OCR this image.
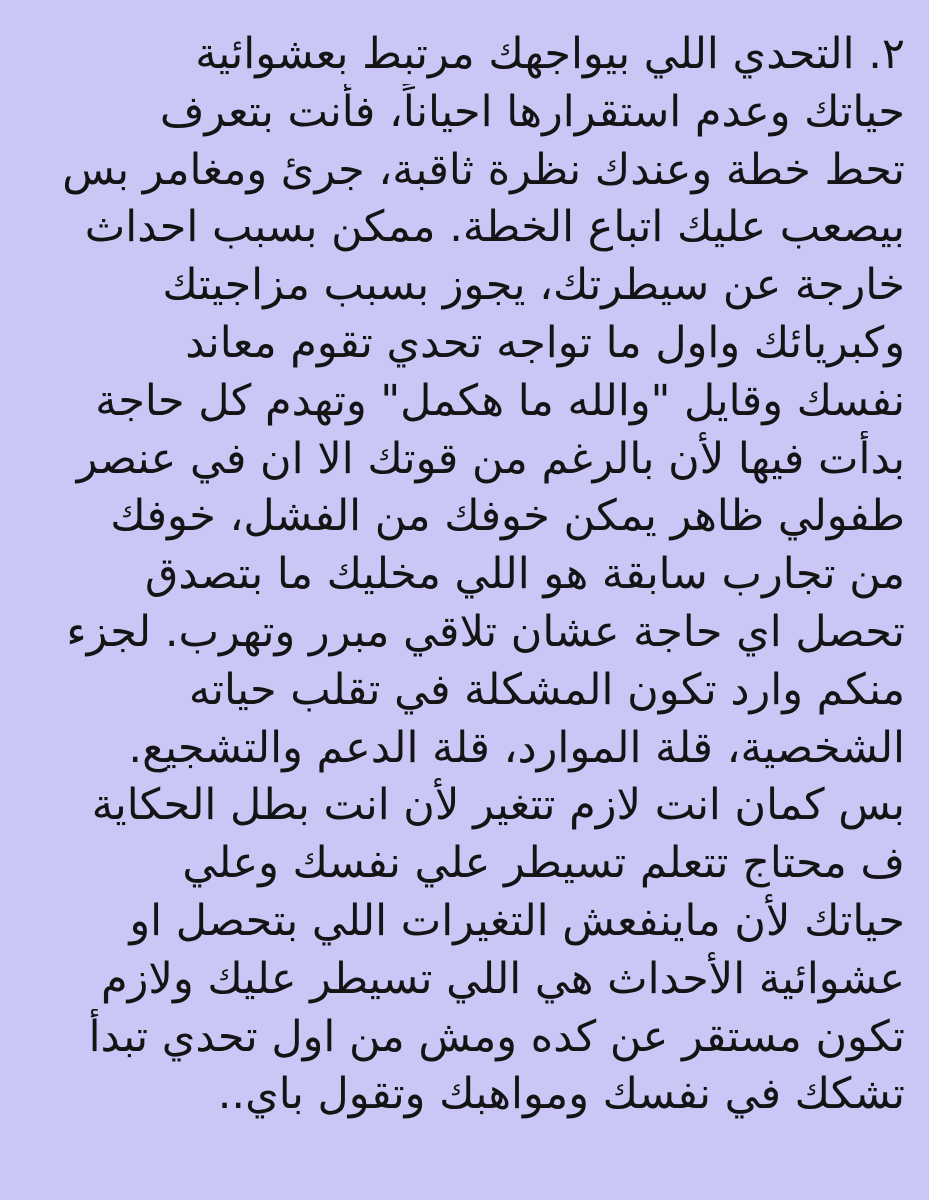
٢. التحدي اللي بيواجهك مرتبط بعشوائية
حياتك وعدم استقرارها احياناً، فأنت بتعرف
تحط خطة وعندك نظرة ثاقبة، جرئ ومغامر بس
بيصعب عليك اتباع الخطة. ممكن بسبب احداث
خارجة عن سيطرتك، يجوز بسبب مزاجيتك
وكبريائك واول ما تواجه تحدي تقوم معاند
نفسك وقايل "والله ما هكمل" وتهدم كل حاجة
بدأت فيها لأن بالرغم من قوتك الا ان في عنصر
طفولي ظاهر يمكن خوفك من الفشل، خوفك
من تجارب سابقة هو اللي مخليك ما بتصدق
تحصل اي حاجة عشان تلاقي مبرر وتهرب. لجزء
منكم وارد تكون المشكلة في تقلب حياته
الشخصية، قلة الموارد، قلة الدعم والتشجيع.
بس كمان انت لازم تتغير لأن انت بطل الحكاية
ف محتاج تتعلم تسيطر علي نفسك وعلي
حياتك لأن ماينفعش التغيرات اللي بتحصل او
عشوائية الأحداث هي اللي تسيطر عليك ولازم
تكون مستقر عن كده ومش من اول تحدي تبدأ
تشكك في نفسك ومواهبك وتقول باي..
